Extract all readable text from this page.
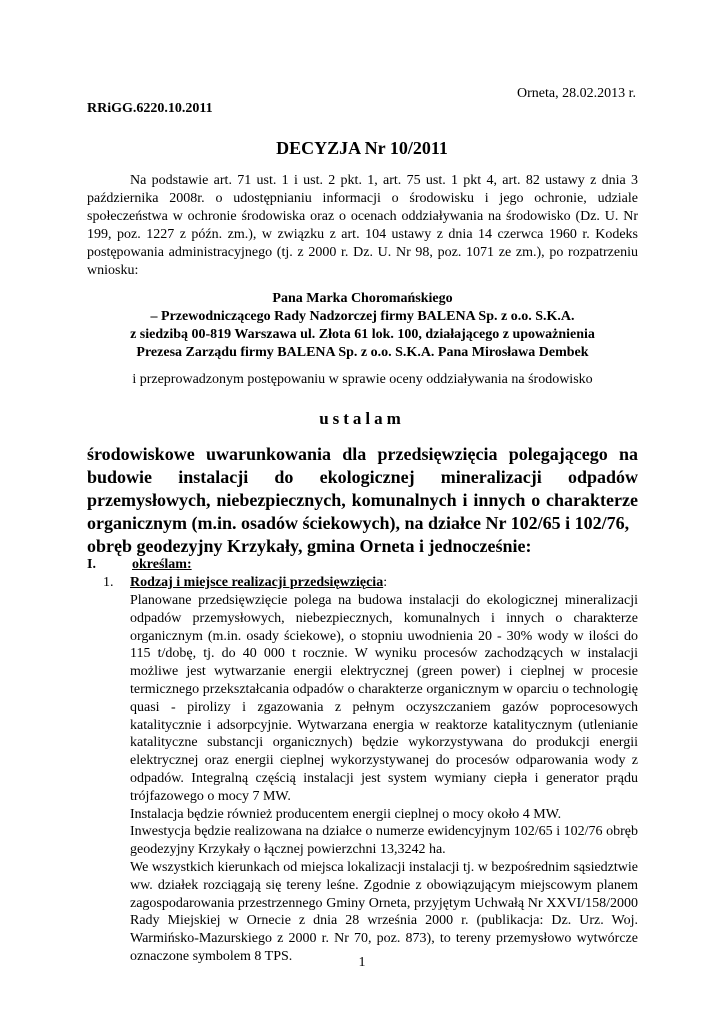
Orneta, 28.02.2013 r.
RRiGG.6220.10.2011
DECYZJA Nr 10/2011
Na podstawie art. 71 ust. 1 i ust. 2 pkt. 1, art. 75 ust. 1 pkt 4, art. 82 ustawy z dnia 3 października 2008r. o udostępnianiu informacji o środowisku i jego ochronie, udziale społeczeństwa w ochronie środowiska oraz o ocenach oddziaływania na środowisko (Dz. U. Nr 199, poz. 1227 z późn. zm.), w związku z art. 104 ustawy z dnia 14 czerwca 1960 r. Kodeks postępowania administracyjnego (tj. z 2000 r. Dz. U. Nr 98, poz. 1071 ze zm.), po rozpatrzeniu wniosku:
Pana Marka Choromańskiego
– Przewodniczącego Rady Nadzorczej firmy BALENA Sp. z o.o. S.K.A.
z siedzibą 00-819 Warszawa ul. Złota 61 lok. 100, działającego z upoważnienia
Prezesa Zarządu firmy BALENA Sp. z o.o. S.K.A. Pana Mirosława Dembek
i przeprowadzonym postępowaniu w sprawie oceny oddziaływania na środowisko
ustalam
środowiskowe uwarunkowania dla przedsięwzięcia polegającego na budowie instalacji do ekologicznej mineralizacji odpadów przemysłowych, niebezpiecznych, komunalnych i innych o charakterze organicznym (m.in. osadów ściekowych), na działce Nr 102/65 i 102/76,
obręb geodezyjny Krzykały, gmina Orneta i jednocześnie:
I.	określam:
1. Rodzaj i miejsce realizacji przedsięwzięcia:

Planowane przedsięwzięcie polega na budowa instalacji do ekologicznej mineralizacji odpadów przemysłowych, niebezpiecznych, komunalnych i innych o charakterze organicznym (m.in. osady ściekowe), o stopniu uwodnienia 20 - 30% wody w ilości do 115 t/dobę, tj. do 40 000 t rocznie. W wyniku procesów zachodzących w instalacji możliwe jest wytwarzanie energii elektrycznej (green power) i cieplnej w procesie termicznego przekształcania odpadów o charakterze organicznym w oparciu o technologię quasi - pirolizy i zgazowania z pełnym oczyszczaniem gazów poprocesowych katalitycznie i adsorpcyjnie. Wytwarzana energia w reaktorze katalitycznym (utlenianie katalityczne substancji organicznych) będzie wykorzystywana do produkcji energii elektrycznej oraz energii cieplnej wykorzystywanej do procesów odparowania wody z odpadów. Integralną częścią instalacji jest system wymiany ciepła i generator prądu trójfazowego o mocy 7 MW.

Instalacja będzie również producentem energii cieplnej o mocy około 4 MW.

Inwestycja będzie realizowana na działce o numerze ewidencyjnym 102/65 i 102/76 obręb geodezyjny Krzykały o łącznej powierzchni 13,3242 ha.

We wszystkich kierunkach od miejsca lokalizacji instalacji tj. w bezpośrednim sąsiedztwie ww. działek rozciągają się tereny leśne. Zgodnie z obowiązującym miejscowym planem zagospodarowania przestrzennego Gminy Orneta, przyjętym Uchwałą Nr XXVI/158/2000 Rady Miejskiej w Ornecie z dnia 28 września 2000 r. (publikacja: Dz. Urz. Woj. Warmińsko-Mazurskiego z 2000 r. Nr 70, poz. 873), to tereny przemysłowo wytwórcze oznaczone symbolem 8 TPS.	1
